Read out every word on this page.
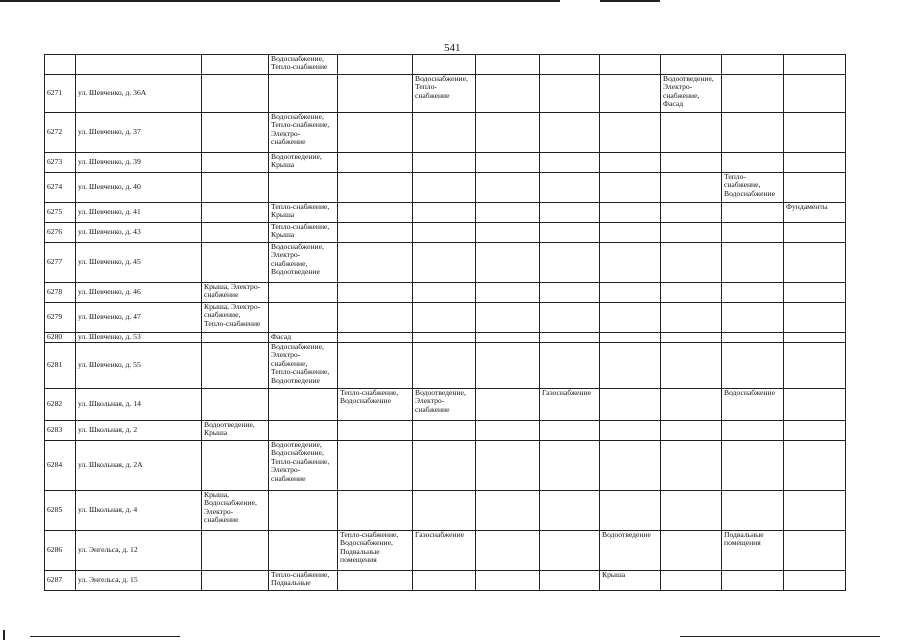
541
			Водоснабжение,
Тепло-снабжение								
6271	ул. Шевченко, д. 36А				Водоснабжение,
Тепло-
снабжение				Водоотведение,
Электро-
снабжение,
Фасад		
6272	ул. Шевченко, д. 37		Водоснабжение,
Тепло-снабжение,
Электро-
снабжение								
6273	ул. Шевченко, д. 39		Водоотведение,
Крыша								
6274	ул. Шевченко, д. 40									Тепло-
снабжение,
Водоснабжение	
6275	ул. Шевченко, д. 41		Тепло-снабжение,
Крыша								Фундаменты
6276	ул. Шевченко, д. 43		Тепло-снабжение,
Крыша								
6277	ул. Шевченко, д. 45		Водоснабжение,
Электро-
снабжение,
Водоотведение								
6278	ул. Шевченко, д. 46	Крыша, Электро-
снабжение									
6279	ул. Шевченко, д. 47	Крыша, Электро-
снабжение,
Тепло-снабжение									
6280	ул. Шевченко, д. 53		Фасад								
6281	ул. Шевченко, д. 55		Водоснабжение,
Электро-
снабжение,
Тепло-снабжение,
Водоотведение								
6282	ул. Школьная, д. 14			Тепло-снабжение,
Водоснабжение	Водоотведение,
Электро-
снабжение		Газоснабжение			Водоснабжение	
6283	ул. Школьная, д. 2	Водоотведение,
Крыша									
6284	ул. Школьная, д. 2А		Водоотведение,
Водоснабжение,
Тепло-снабжение,
Электро-
снабжение								
6285	ул. Школьная, д. 4	Крыша,
Водоснабжение,
Электро-
снабжение									
6286	ул. Энгельса, д. 12			Тепло-снабжение,
Водоснабжение,
Подвальные
помещения	Газоснабжение			Водоотведение		Подвальные
помещения	
6287	ул. Энгельса, д. 15		Тепло-снабжение,
Подвальные					Крыша			
